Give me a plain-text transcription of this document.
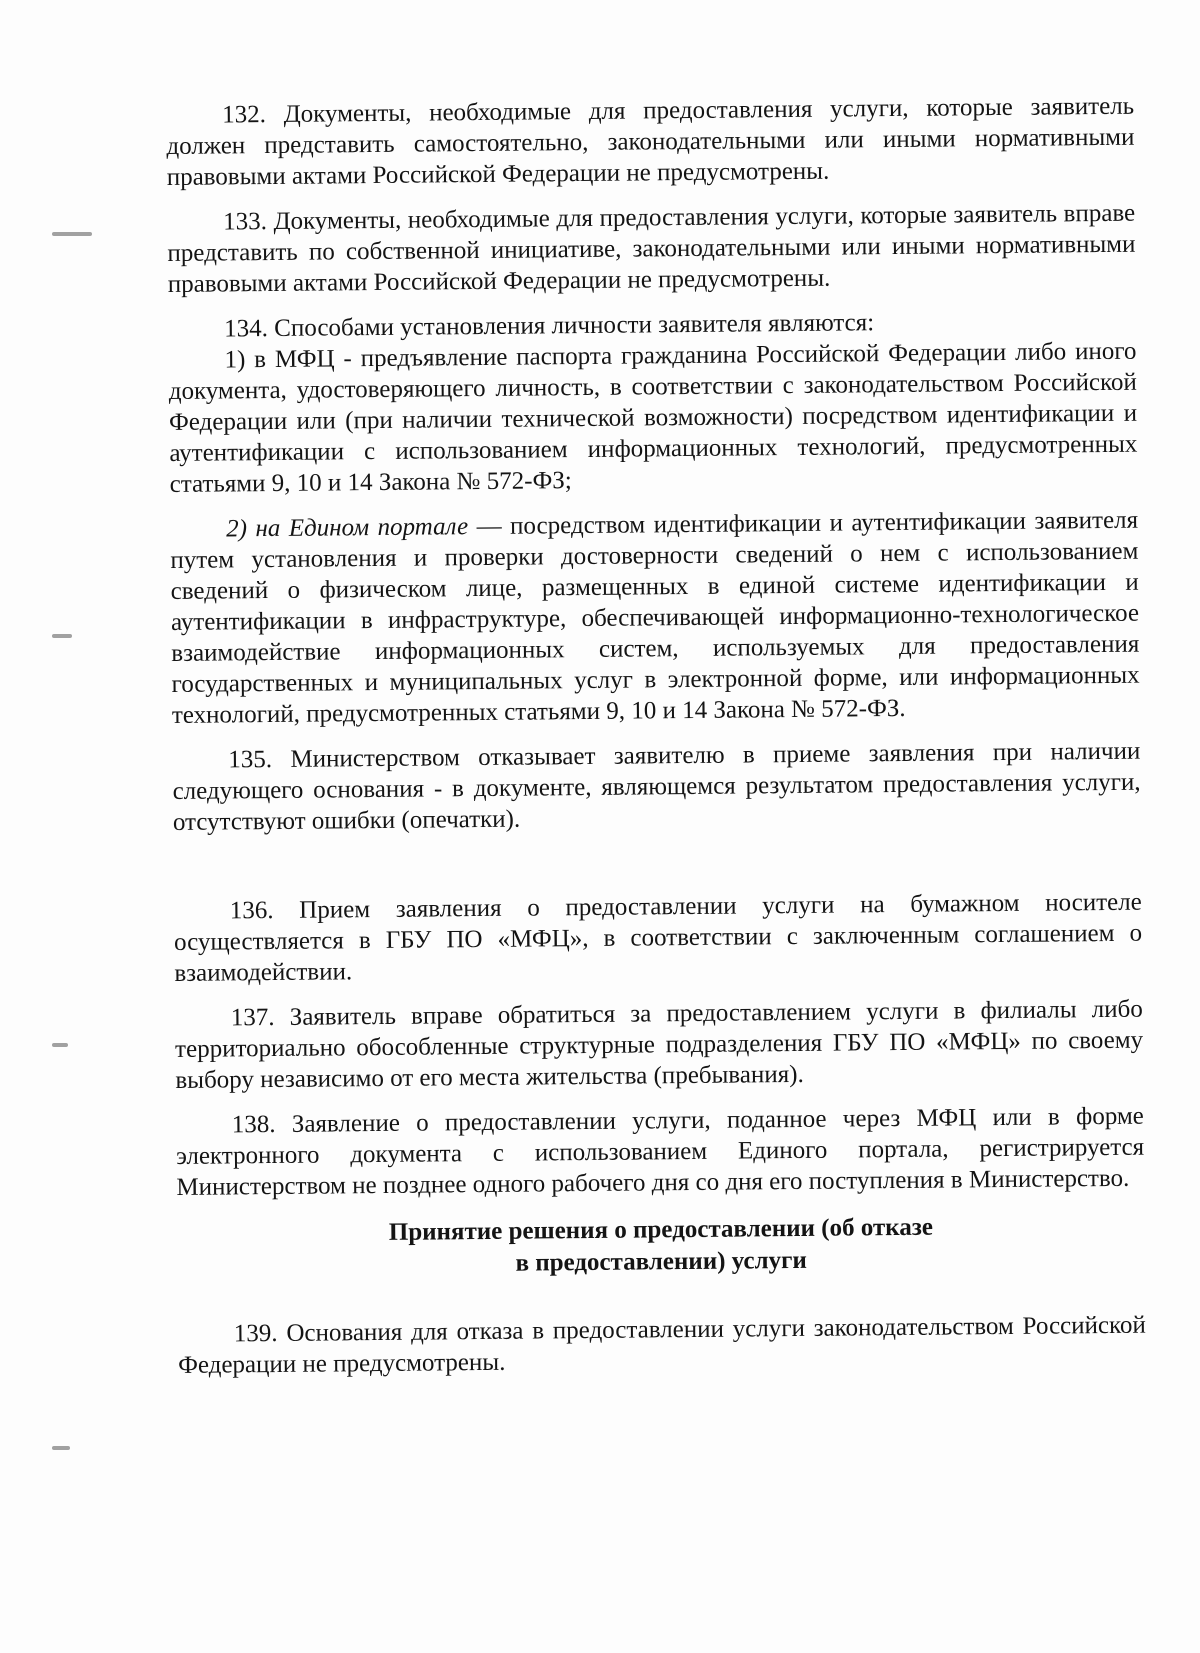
132. Документы, необходимые для предоставления услуги, которые заявитель должен представить самостоятельно, законодательными или иными нормативными правовыми актами Российской Федерации не предусмотрены.

133. Документы, необходимые для предоставления услуги, которые заявитель вправе представить по собственной инициативе, законодательными или иными нормативными правовыми актами Российской Федерации не предусмотрены.

134. Способами установления личности заявителя являются:

1) в МФЦ - предъявление паспорта гражданина Российской Федерации либо иного документа, удостоверяющего личность, в соответствии с законодательством Российской Федерации или (при наличии технической возможности) посредством идентификации и аутентификации с использованием информационных технологий, предусмотренных статьями 9, 10 и 14 Закона № 572-ФЗ;

2) на Едином портале — посредством идентификации и аутентификации заявителя путем установления и проверки достоверности сведений о нем с использованием сведений о физическом лице, размещенных в единой системе идентификации и аутентификации в инфраструктуре, обеспечивающей информационно-технологическое взаимодействие информационных систем, используемых для предоставления государственных и муниципальных услуг в электронной форме, или информационных технологий, предусмотренных статьями 9, 10 и 14 Закона № 572-ФЗ.

135. Министерством отказывает заявителю в приеме заявления при наличии следующего основания - в документе, являющемся результатом предоставления услуги, отсутствуют ошибки (опечатки).

136. Прием заявления о предоставлении услуги на бумажном носителе осуществляется в ГБУ ПО «МФЦ», в соответствии с заключенным соглашением о взаимодействии.

137. Заявитель вправе обратиться за предоставлением услуги в филиалы либо территориально обособленные структурные подразделения ГБУ ПО «МФЦ» по своему выбору независимо от его места жительства (пребывания).

138. Заявление о предоставлении услуги, поданное через МФЦ или в форме электронного документа с использованием Единого портала, регистрируется Министерством не позднее одного рабочего дня со дня его поступления в Министерство.

Принятие решения о предоставлении (об отказе
в предоставлении) услуги

139. Основания для отказа в предоставлении услуги законодательством Российской Федерации не предусмотрены.
